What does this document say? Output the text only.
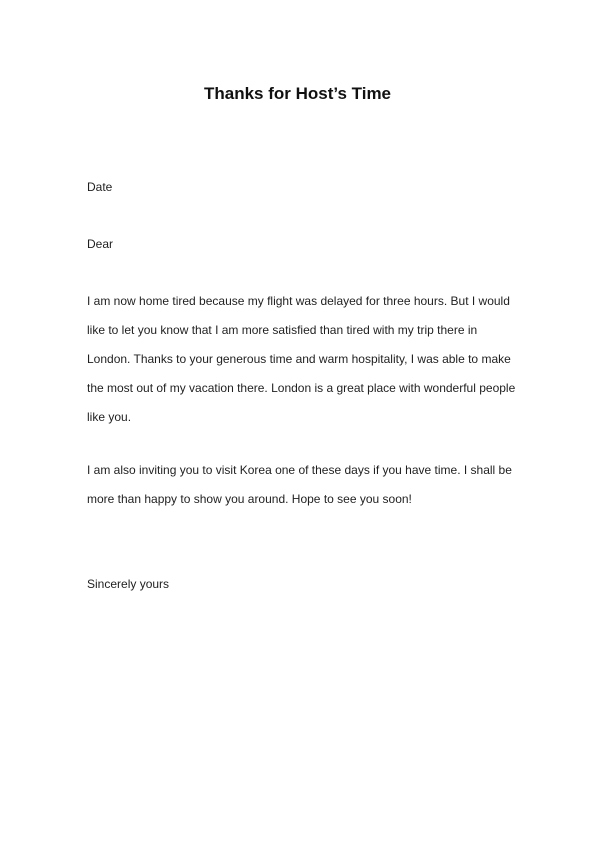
Thanks for Host’s Time

Date

Dear

I am now home tired because my flight was delayed for three hours. But I would
like to let you know that I am more satisfied than tired with my trip there in
London. Thanks to your generous time and warm hospitality, I was able to make
the most out of my vacation there. London is a great place with wonderful people
like you.
I am also inviting you to visit Korea one of these days if you have time. I shall be
more than happy to show you around. Hope to see you soon!

Sincerely yours
